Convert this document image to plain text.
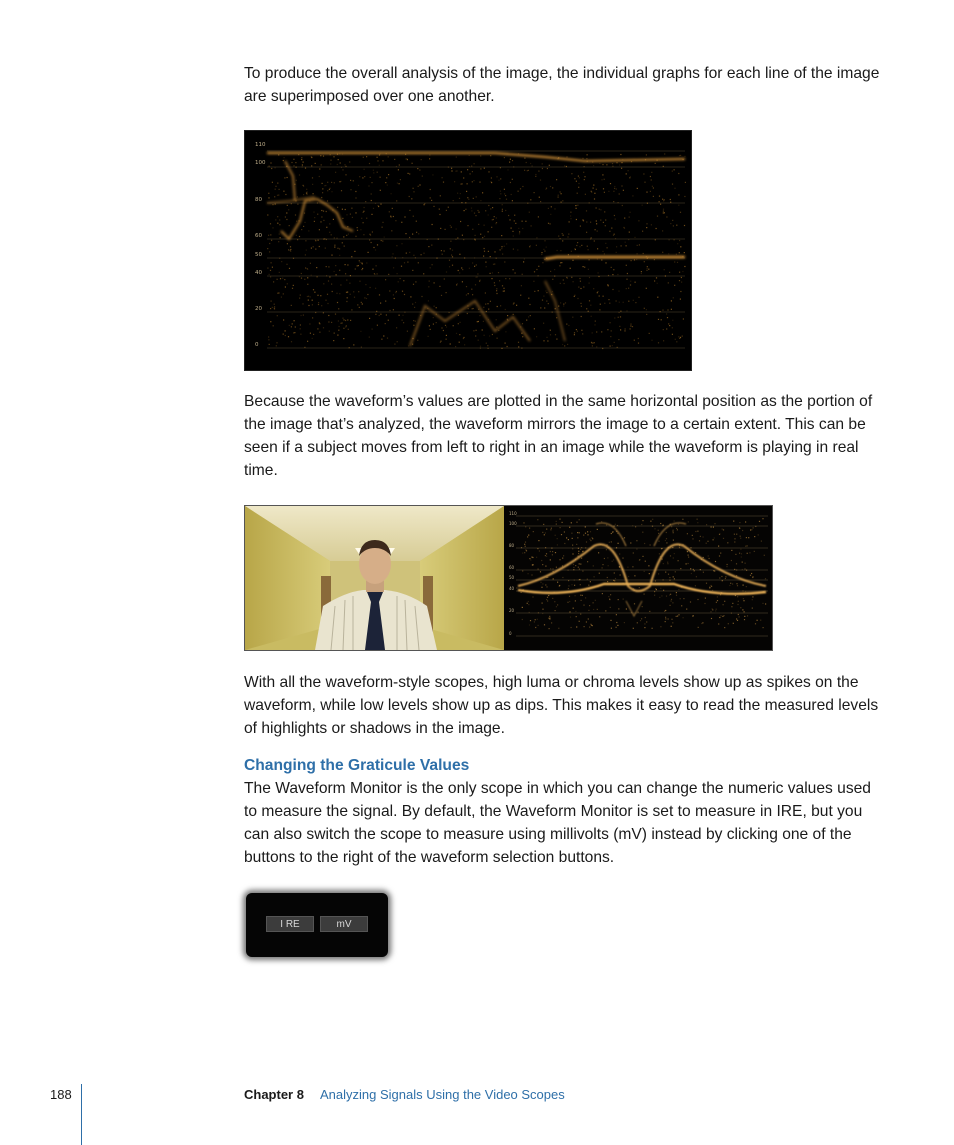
To produce the overall analysis of the image, the individual graphs for each line of the image are superimposed over one another.

110
100
80
60
50
40
20
0

Because the waveform’s values are plotted in the same horizontal position as the portion of the image that’s analyzed, the waveform mirrors the image to a certain extent. This can be seen if a subject moves from left to right in an image while the waveform is playing in real time.

110
100
80
60
50
40
20
0

With all the waveform-style scopes, high luma or chroma levels show up as spikes on the waveform, while low levels show up as dips. This makes it easy to read the measured levels of highlights or shadows in the image.

Changing the Graticule Values

The Waveform Monitor is the only scope in which you can change the numeric values used to measure the signal. By default, the Waveform Monitor is set to measure in IRE, but you can also switch the scope to measure using millivolts (mV) instead by clicking one of the buttons to the right of the waveform selection buttons.

I RE	mV
188	Chapter 8 Analyzing Signals Using the Video Scopes
